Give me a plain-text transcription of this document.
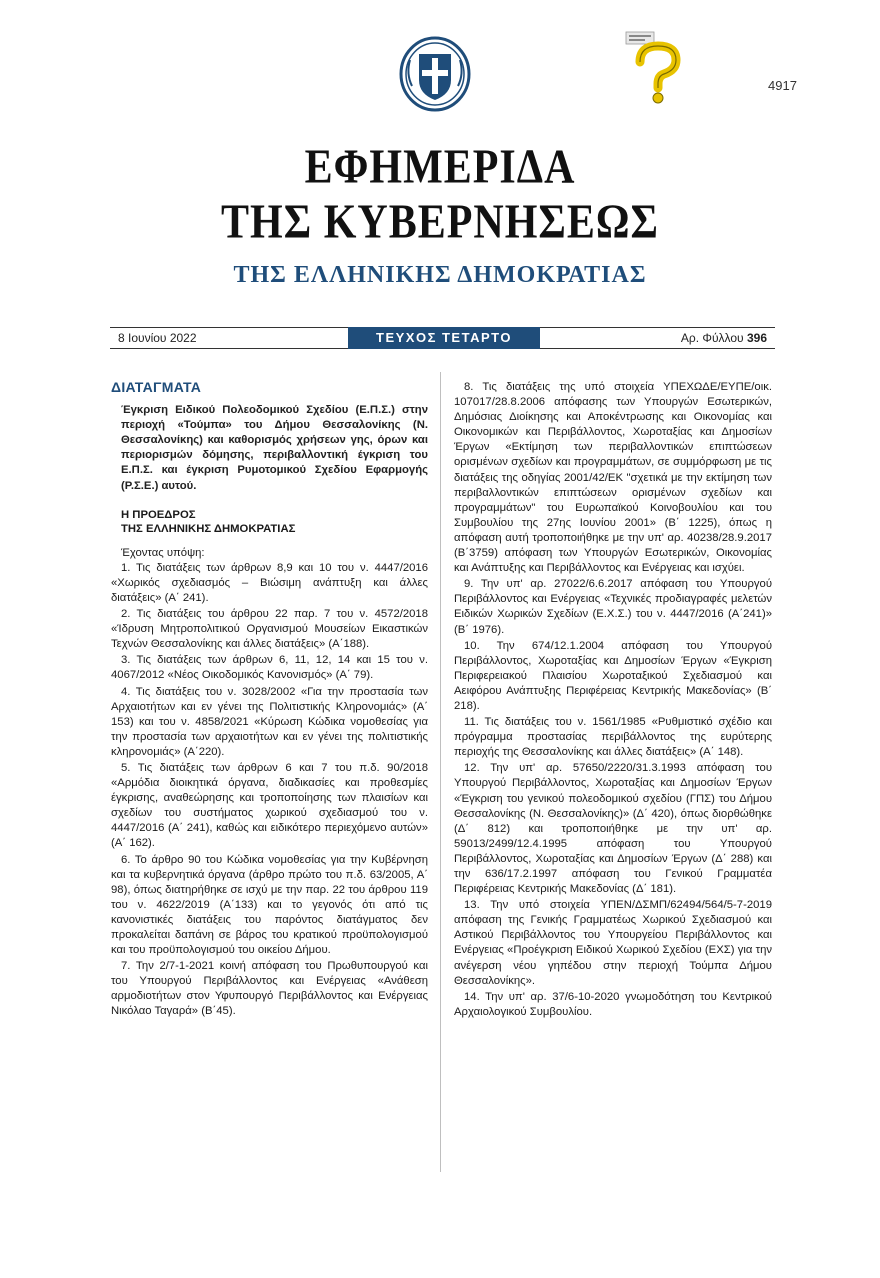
4917
ΕΦΗΜΕΡΙΔΑ
ΤΗΣ ΚΥΒΕΡΝΗΣΕΩΣ
ΤΗΣ ΕΛΛΗΝΙΚΗΣ ΔΗΜΟΚΡΑΤΙΑΣ
8 Ιουνίου 2022	ΤΕΥΧΟΣ ΤΕΤΑΡΤΟ	Αρ. Φύλλου 396
ΔΙΑΤΑΓΜΑΤΑ
Έγκριση Ειδικού Πολεοδομικού Σχεδίου (Ε.Π.Σ.) στην περιοχή «Τούμπα» του Δήμου Θεσσαλονίκης (Ν. Θεσσαλονίκης) και καθορισμός χρήσεων γης, όρων και περιορισμών δόμησης, περιβαλλοντική έγκριση του Ε.Π.Σ. και έγκριση Ρυμοτομικού Σχεδίου Εφαρμογής (Ρ.Σ.Ε.) αυτού.
Η ΠΡΟΕΔΡΟΣ
ΤΗΣ ΕΛΛΗΝΙΚΗΣ ΔΗΜΟΚΡΑΤΙΑΣ
Έχοντας υπόψη:

1. Τις διατάξεις των άρθρων 8,9 και 10 του ν. 4447/2016 «Χωρικός σχεδιασμός – Βιώσιμη ανάπτυξη και άλλες διατάξεις» (Α΄ 241).

2. Τις διατάξεις του άρθρου 22 παρ. 7 του ν. 4572/2018 «Ίδρυση Μητροπολιτικού Οργανισμού Μουσείων Εικαστικών Τεχνών Θεσσαλονίκης και άλλες διατάξεις» (Α΄188).

3. Τις διατάξεις των άρθρων 6, 11, 12, 14 και 15 του ν. 4067/2012 «Νέος Οικοδομικός Κανονισμός» (Α΄ 79).

4. Τις διατάξεις του ν. 3028/2002 «Για την προστασία των Αρχαιοτήτων και εν γένει της Πολιτιστικής Κληρονομιάς» (Α΄ 153) και του ν. 4858/2021 «Κύρωση Κώδικα νομοθεσίας για την προστασία των αρχαιοτήτων και εν γένει της πολιτιστικής κληρονομιάς» (Α΄220).

5. Τις διατάξεις των άρθρων 6 και 7 του π.δ. 90/2018 «Αρμόδια διοικητικά όργανα, διαδικασίες και προθεσμίες έγκρισης, αναθεώρησης και τροποποίησης των πλαισίων και σχεδίων του συστήματος χωρικού σχεδιασμού του ν. 4447/2016 (Α΄ 241), καθώς και ειδικότερο περιεχόμενο αυτών» (Α΄ 162).

6. Το άρθρο 90 του Κώδικα νομοθεσίας για την Κυβέρνηση και τα κυβερνητικά όργανα (άρθρο πρώτο του π.δ. 63/2005, Α΄ 98), όπως διατηρήθηκε σε ισχύ με την παρ. 22 του άρθρου 119 του ν. 4622/2019 (Α΄133) και το γεγονός ότι από τις κανονιστικές διατάξεις του παρόντος διατάγματος δεν προκαλείται δαπάνη σε βάρος του κρατικού προϋπολογισμού και του προϋπολογισμού του οικείου Δήμου.

7. Την 2/7-1-2021 κοινή απόφαση του Πρωθυπουργού και του Υπουργού Περιβάλλοντος και Ενέργειας «Ανάθεση αρμοδιοτήτων στον Υφυπουργό Περιβάλλοντος και Ενέργειας Νικόλαο Ταγαρά» (Β΄45).

8. Τις διατάξεις της υπό στοιχεία ΥΠΕΧΩΔΕ/ΕΥΠΕ/οικ. 107017/28.8.2006 απόφασης των Υπουργών Εσωτερικών, Δημόσιας Διοίκησης και Αποκέντρωσης και Οικονομίας και Οικονομικών και Περιβάλλοντος, Χωροταξίας και Δημοσίων Έργων «Εκτίμηση των περιβαλλοντικών επιπτώσεων ορισμένων σχεδίων και προγραμμάτων, σε συμμόρφωση με τις διατάξεις της οδηγίας 2001/42/ΕΚ "σχετικά με την εκτίμηση των περιβαλλοντικών επιπτώσεων ορισμένων σχεδίων και προγραμμάτων" του Ευρωπαϊκού Κοινοβουλίου και του Συμβουλίου της 27ης Ιουνίου 2001» (Β΄ 1225), όπως η απόφαση αυτή τροποποιήθηκε με την υπ' αρ. 40238/28.9.2017 (Β΄3759) απόφαση των Υπουργών Εσωτερικών, Οικονομίας και Ανάπτυξης και Περιβάλλοντος και Ενέργειας και ισχύει.

9. Την υπ' αρ. 27022/6.6.2017 απόφαση του Υπουργού Περιβάλλοντος και Ενέργειας «Τεχνικές προδιαγραφές μελετών Ειδικών Χωρικών Σχεδίων (Ε.Χ.Σ.) του ν. 4447/2016 (Α΄241)» (Β΄ 1976).

10. Την 674/12.1.2004 απόφαση του Υπουργού Περιβάλλοντος, Χωροταξίας και Δημοσίων Έργων «Έγκριση Περιφερειακού Πλαισίου Χωροταξικού Σχεδιασμού και Αειφόρου Ανάπτυξης Περιφέρειας Κεντρικής Μακεδονίας» (Β΄ 218).

11. Τις διατάξεις του ν. 1561/1985 «Ρυθμιστικό σχέδιο και πρόγραμμα προστασίας περιβάλλοντος της ευρύτερης περιοχής της Θεσσαλονίκης και άλλες διατάξεις» (Α΄ 148).

12. Την υπ' αρ. 57650/2220/31.3.1993 απόφαση του Υπουργού Περιβάλλοντος, Χωροταξίας και Δημοσίων Έργων «Έγκριση του γενικού πολεοδομικού σχεδίου (ΓΠΣ) του Δήμου Θεσσαλονίκης (Ν. Θεσσαλονίκης)» (Δ΄ 420), όπως διορθώθηκε (Δ΄ 812) και τροποποιήθηκε με την υπ' αρ. 59013/2499/12.4.1995 απόφαση του Υπουργού Περιβάλλοντος, Χωροταξίας και Δημοσίων Έργων (Δ΄ 288) και την 636/17.2.1997 απόφαση του Γενικού Γραμματέα Περιφέρειας Κεντρικής Μακεδονίας (Δ΄ 181).

13. Την υπό στοιχεία ΥΠΕΝ/ΔΣΜΠ/62494/564/5-7-2019 απόφαση της Γενικής Γραμματέως Χωρικού Σχεδιασμού και Αστικού Περιβάλλοντος του Υπουργείου Περιβάλλοντος και Ενέργειας «Προέγκριση Ειδικού Χωρικού Σχεδίου (ΕΧΣ) για την ανέγερση νέου γηπέδου στην περιοχή Τούμπα Δήμου Θεσσαλονίκης».

14. Την υπ' αρ. 37/6-10-2020 γνωμοδότηση του Κεντρικού Αρχαιολογικού Συμβουλίου.
